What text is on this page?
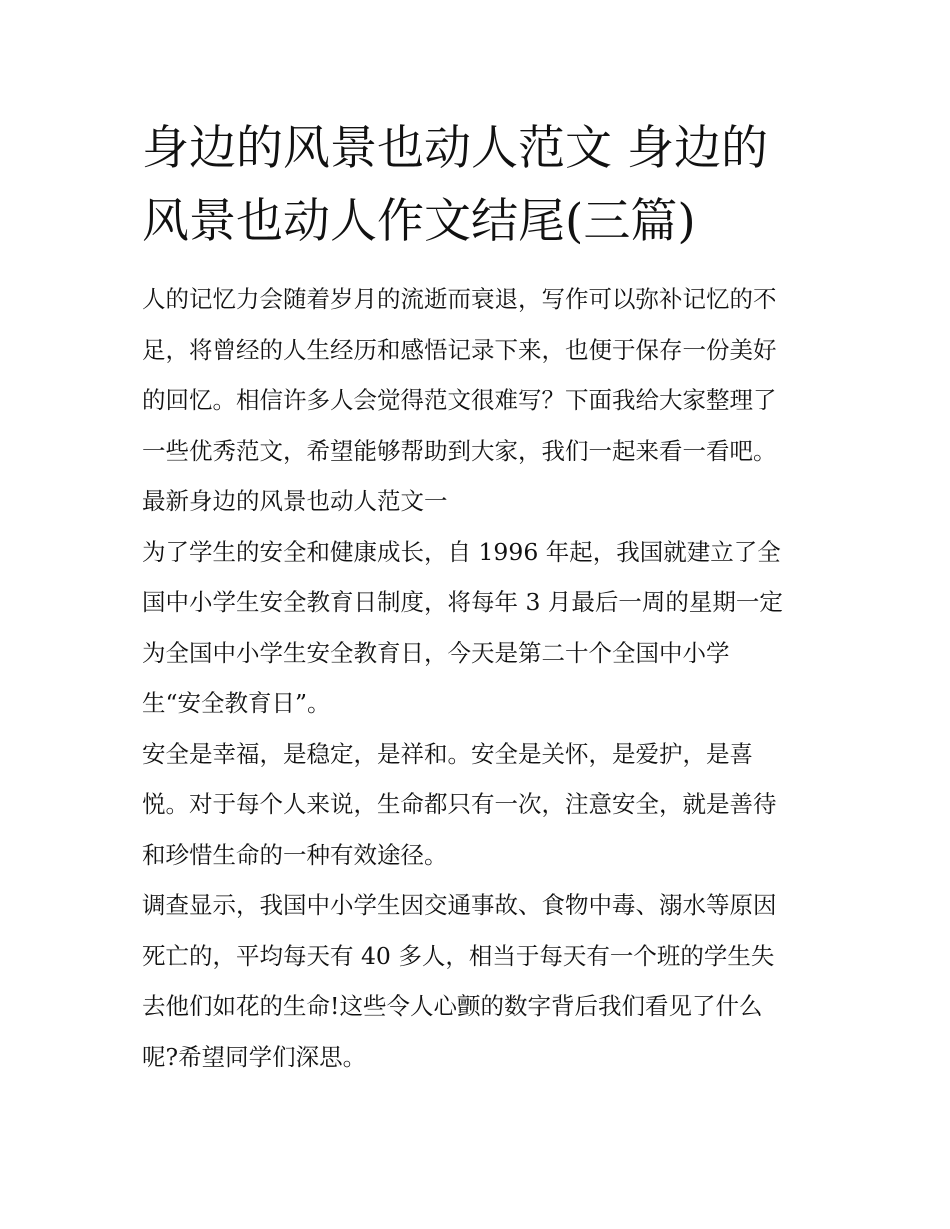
身边的风景也动人范文 身边的
风景也动人作文结尾(三篇)
人的记忆力会随着岁月的流逝而衰退，写作可以弥补记忆的不
足，将曾经的人生经历和感悟记录下来，也便于保存一份美好
的回忆。相信许多人会觉得范文很难写？下面我给大家整理了
一些优秀范文，希望能够帮助到大家，我们一起来看一看吧。
最新身边的风景也动人范文一
为了学生的安全和健康成长，自 1996 年起，我国就建立了全
国中小学生安全教育日制度，将每年 3 月最后一周的星期一定
为全国中小学生安全教育日，今天是第二十个全国中小学
生“安全教育日”。
安全是幸福，是稳定，是祥和。安全是关怀，是爱护，是喜
悦。对于每个人来说，生命都只有一次，注意安全，就是善待
和珍惜生命的一种有效途径。
调查显示，我国中小学生因交通事故、食物中毒、溺水等原因
死亡的，平均每天有 40 多人，相当于每天有一个班的学生失
去他们如花的生命!这些令人心颤的数字背后我们看见了什么
呢?希望同学们深思。
